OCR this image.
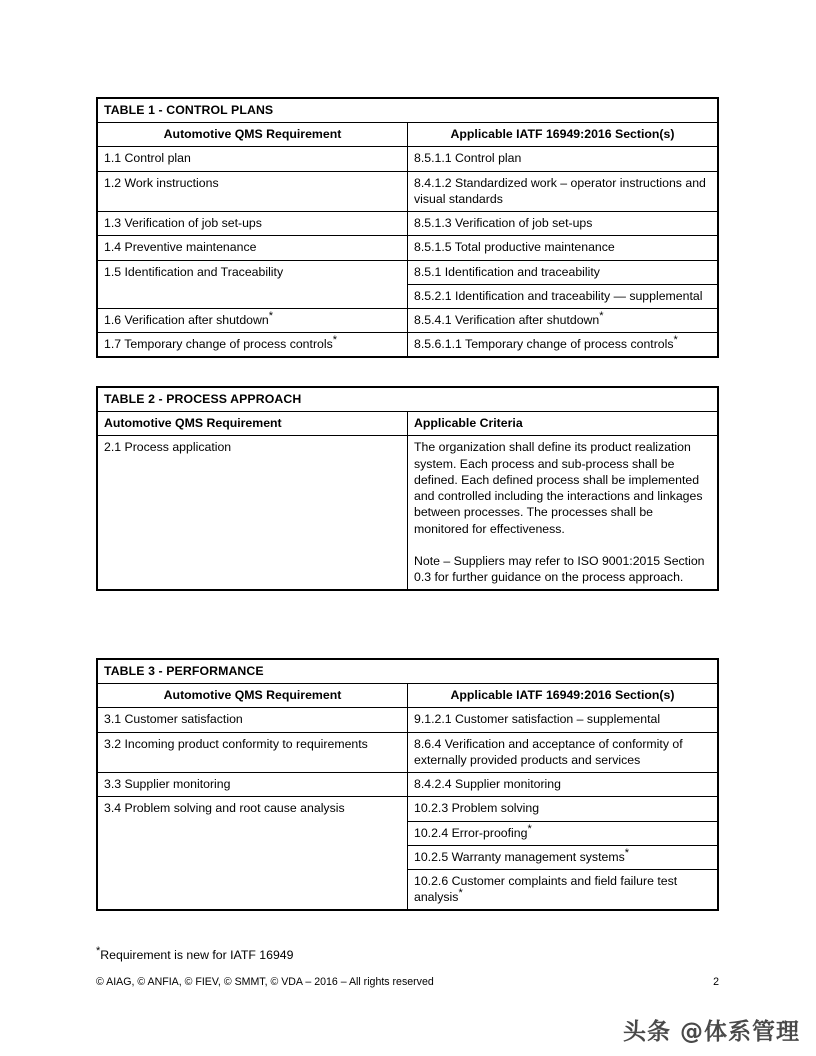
TABLE 1 - CONTROL PLANS	
Automotive QMS Requirement	Applicable IATF 16949:2016 Section(s)
1.1 Control plan	8.5.1.1 Control plan
1.2 Work instructions	8.4.1.2 Standardized work – operator instructions and visual standards
1.3 Verification of job set-ups	8.5.1.3 Verification of job set-ups
1.4 Preventive maintenance	8.5.1.5 Total productive maintenance
1.5 Identification and Traceability	8.5.1 Identification and traceability
	8.5.2.1 Identification and traceability — supplemental
1.6 Verification after shutdown*	8.5.4.1 Verification after shutdown*
1.7 Temporary change of process controls*	8.5.6.1.1 Temporary change of process controls*
TABLE 2 - PROCESS APPROACH	
Automotive QMS Requirement	Applicable Criteria
2.1 Process application	The organization shall define its product realization system. Each process and sub-process shall be defined. Each defined process shall be implemented and controlled including the interactions and linkages between processes. The processes shall be monitored for effectiveness.

Note – Suppliers may refer to ISO 9001:2015 Section 0.3 for further guidance on the process approach.
TABLE 3 - PERFORMANCE	
Automotive QMS Requirement	Applicable IATF 16949:2016 Section(s)
3.1 Customer satisfaction	9.1.2.1 Customer satisfaction – supplemental
3.2 Incoming product conformity to requirements	8.6.4 Verification and acceptance of conformity of externally provided products and services
3.3 Supplier monitoring	8.4.2.4 Supplier monitoring
3.4 Problem solving and root cause analysis	10.2.3 Problem solving
	10.2.4 Error-proofing*
	10.2.5 Warranty management systems*
	10.2.6 Customer complaints and field failure test analysis*
*Requirement is new for IATF 16949
© AIAG, © ANFIA, © FIEV, © SMMT, © VDA – 2016 – All rights reserved	2
头条 @体系管理
